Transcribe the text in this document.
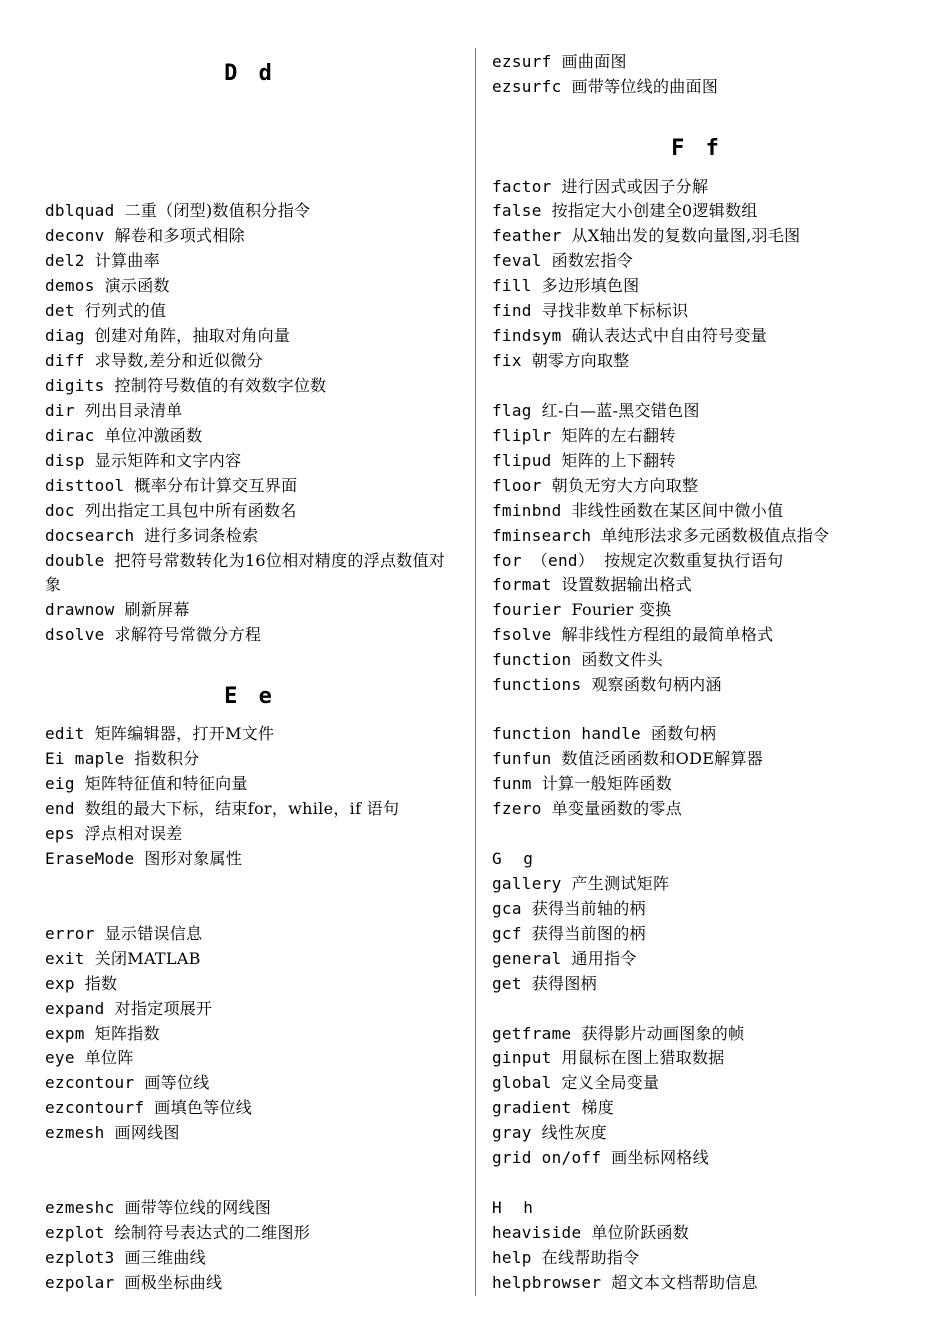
D d
dblquad 二重（闭型)数值积分指令
deconv 解卷和多项式相除
del2 计算曲率
demos 演示函数
det 行列式的值
diag 创建对角阵，抽取对角向量
diff 求导数,差分和近似微分
digits 控制符号数值的有效数字位数
dir 列出目录清单
dirac 单位冲激函数
disp 显示矩阵和文字内容
disttool 概率分布计算交互界面
doc 列出指定工具包中所有函数名
docsearch 进行多词条检索
double 把符号常数转化为16位相对精度的浮点数值对象
drawnow 刷新屏幕
dsolve 求解符号常微分方程
E e
edit 矩阵编辑器，打开M文件
Ei maple 指数积分
eig 矩阵特征值和特征向量
end 数组的最大下标，结束for，while，if 语句
eps 浮点相对误差
EraseMode 图形对象属性
error 显示错误信息
exit 关闭MATLAB
exp 指数
expand 对指定项展开
expm 矩阵指数
eye 单位阵
ezcontour 画等位线
ezcontourf 画填色等位线
ezmesh 画网线图
ezmeshc 画带等位线的网线图
ezplot 绘制符号表达式的二维图形
ezplot3 画三维曲线
ezpolar 画极坐标曲线
ezsurf 画曲面图
ezsurfc 画带等位线的曲面图
F f
factor 进行因式或因子分解
false 按指定大小创建全0逻辑数组
feather 从X轴出发的复数向量图,羽毛图
feval 函数宏指令
fill 多边形填色图
find 寻找非数单下标标识
findsym 确认表达式中自由符号变量
fix 朝零方向取整
flag 红-白—蓝-黑交错色图
fliplr 矩阵的左右翻转
flipud 矩阵的上下翻转
floor 朝负无穷大方向取整
fminbnd 非线性函数在某区间中微小值
fminsearch 单纯形法求多元函数极值点指令
for （end） 按规定次数重复执行语句
format 设置数据输出格式
fourier Fourier 变换
fsolve 解非线性方程组的最简单格式
function 函数文件头
functions 观察函数句柄内涵
function handle 函数句柄
funfun 数值泛函函数和ODE解算器
funm 计算一般矩阵函数
fzero 单变量函数的零点
G g
gallery 产生测试矩阵
gca 获得当前轴的柄
gcf 获得当前图的柄
general 通用指令
get 获得图柄
getframe 获得影片动画图象的帧
ginput 用鼠标在图上猎取数据
global 定义全局变量
gradient 梯度
gray 线性灰度
grid on/off 画坐标网格线
H h
heaviside 单位阶跃函数
help 在线帮助指令
helpbrowser 超文本文档帮助信息
